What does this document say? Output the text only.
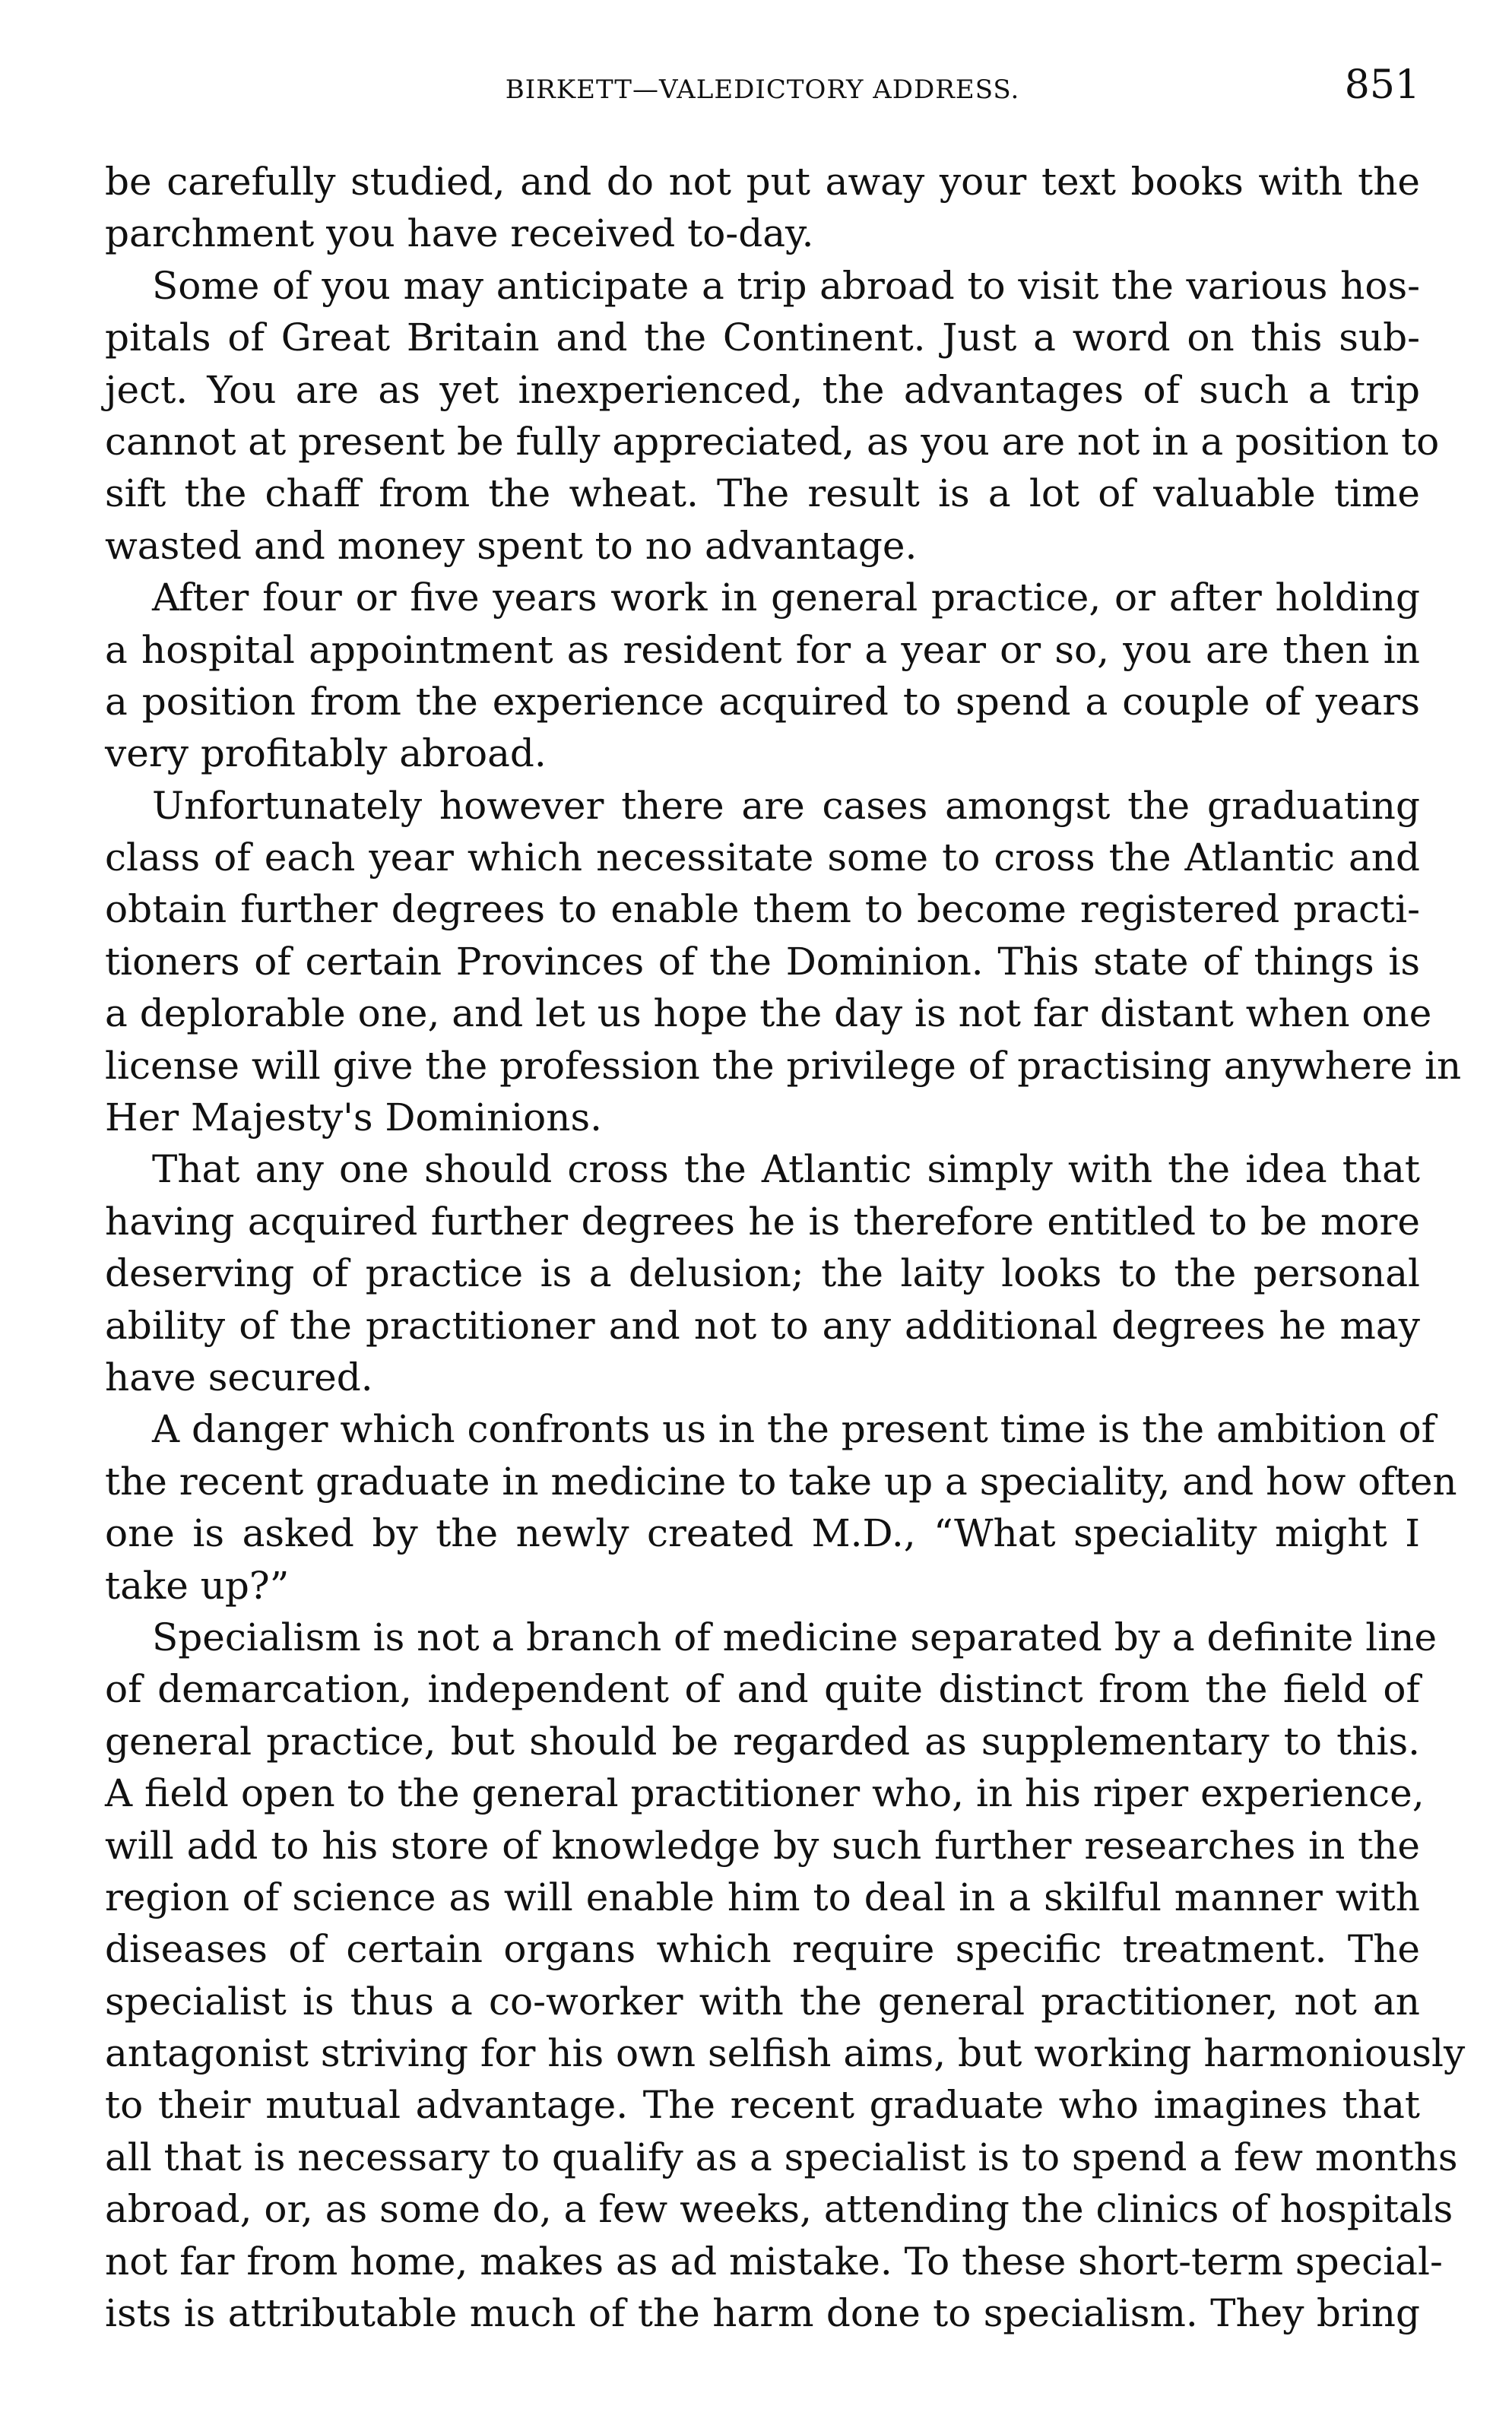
BIRKETT—VALEDICTORY ADDRESS.	851
be carefully studied, and do not put away your text books with the
parchment you have received to-day.
Some of you may anticipate a trip abroad to visit the various hos-
pitals of Great Britain and the Continent. Just a word on this sub-
ject. You are as yet inexperienced, the advantages of such a trip
cannot at present be fully appreciated, as you are not in a position to
sift the chaff from the wheat. The result is a lot of valuable time
wasted and money spent to no advantage.
After four or five years work in general practice, or after holding
a hospital appointment as resident for a year or so, you are then in
a position from the experience acquired to spend a couple of years
very profitably abroad.
Unfortunately however there are cases amongst the graduating
class of each year which necessitate some to cross the Atlantic and
obtain further degrees to enable them to become registered practi-
tioners of certain Provinces of the Dominion. This state of things is
a deplorable one, and let us hope the day is not far distant when one
license will give the profession the privilege of practising anywhere in
Her Majesty's Dominions.
That any one should cross the Atlantic simply with the idea that
having acquired further degrees he is therefore entitled to be more
deserving of practice is a delusion; the laity looks to the personal
ability of the practitioner and not to any additional degrees he may
have secured.
A danger which confronts us in the present time is the ambition of
the recent graduate in medicine to take up a speciality, and how often
one is asked by the newly created M.D., “What speciality might I
take up?”
Specialism is not a branch of medicine separated by a definite line
of demarcation, independent of and quite distinct from the field of
general practice, but should be regarded as supplementary to this.
A field open to the general practitioner who, in his riper experience,
will add to his store of knowledge by such further researches in the
region of science as will enable him to deal in a skilful manner with
diseases of certain organs which require specific treatment. The
specialist is thus a co-worker with the general practitioner, not an
antagonist striving for his own selfish aims, but working harmoniously
to their mutual advantage. The recent graduate who imagines that
all that is necessary to qualify as a specialist is to spend a few months
abroad, or, as some do, a few weeks, attending the clinics of hospitals
not far from home, makes as ad mistake. To these short-term special-
ists is attributable much of the harm done to specialism. They bring
